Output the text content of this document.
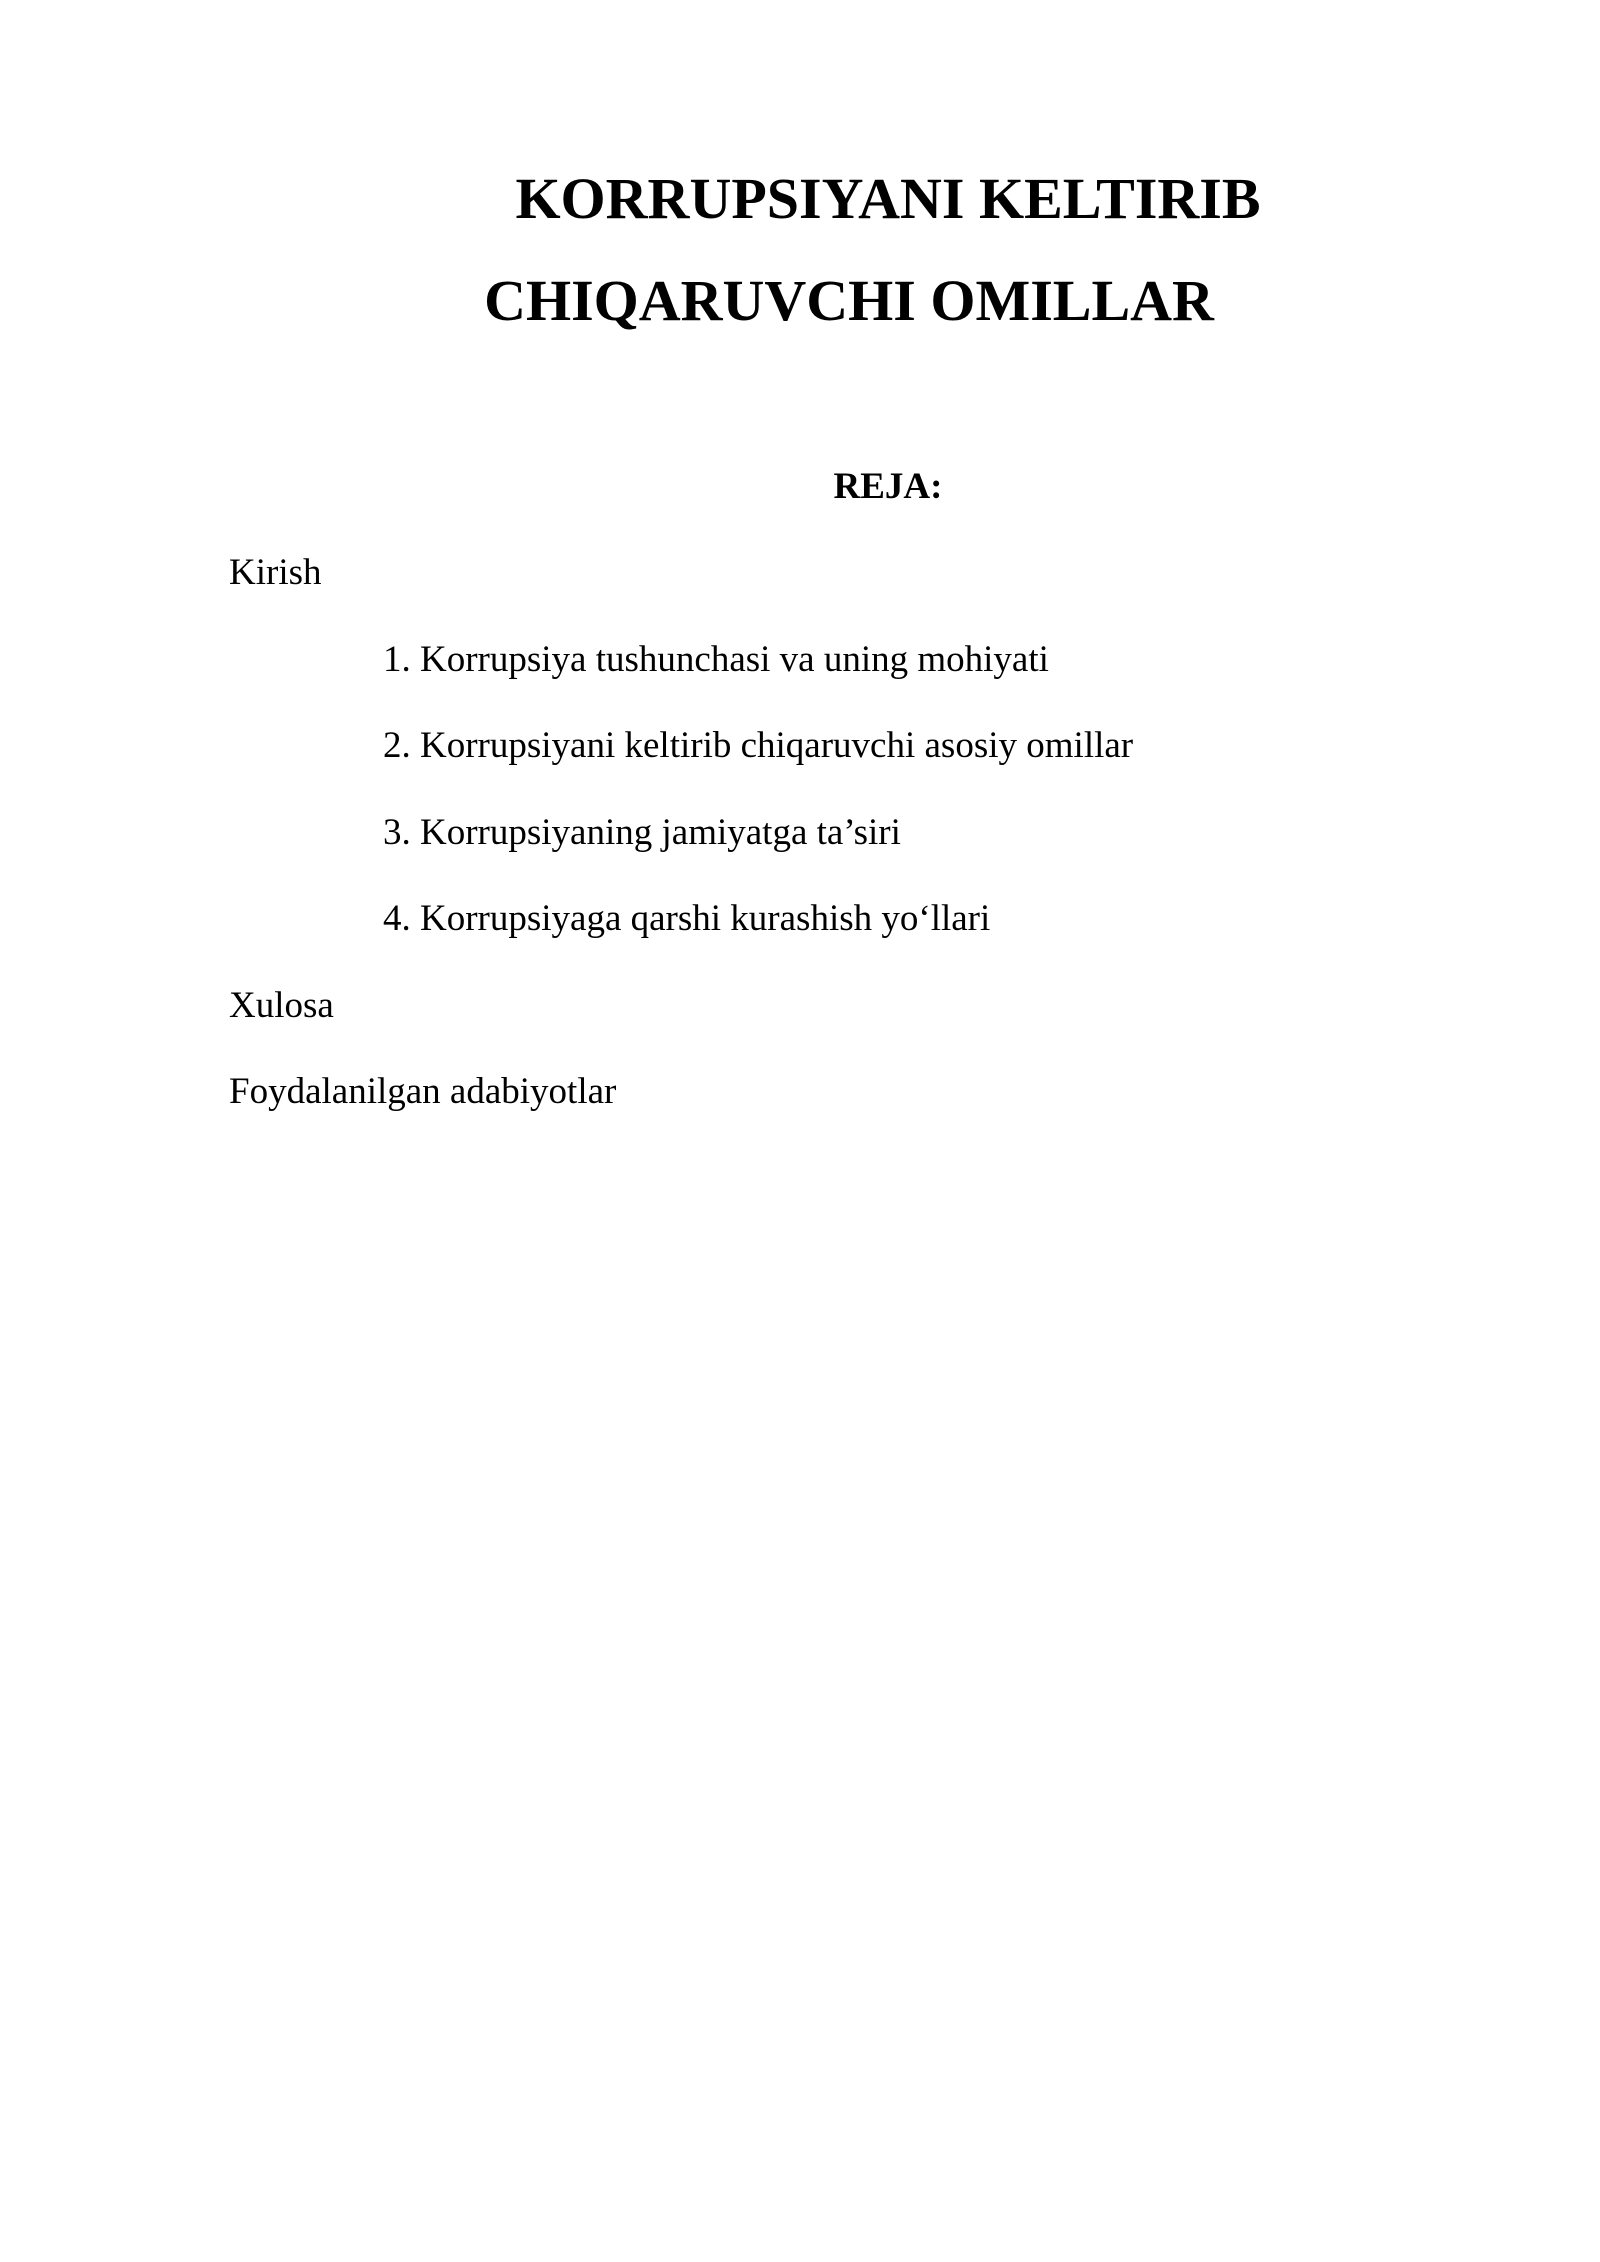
KORRUPSIYANI KELTIRIB
CHIQARUVCHI OMILLAR
REJA:
Kirish
1. Korrupsiya tushunchasi va uning mohiyati
2. Korrupsiyani keltirib chiqaruvchi asosiy omillar
3. Korrupsiyaning jamiyatga ta’siri
4. Korrupsiyaga qarshi kurashish yo‘llari
Xulosa
Foydalanilgan adabiyotlar
